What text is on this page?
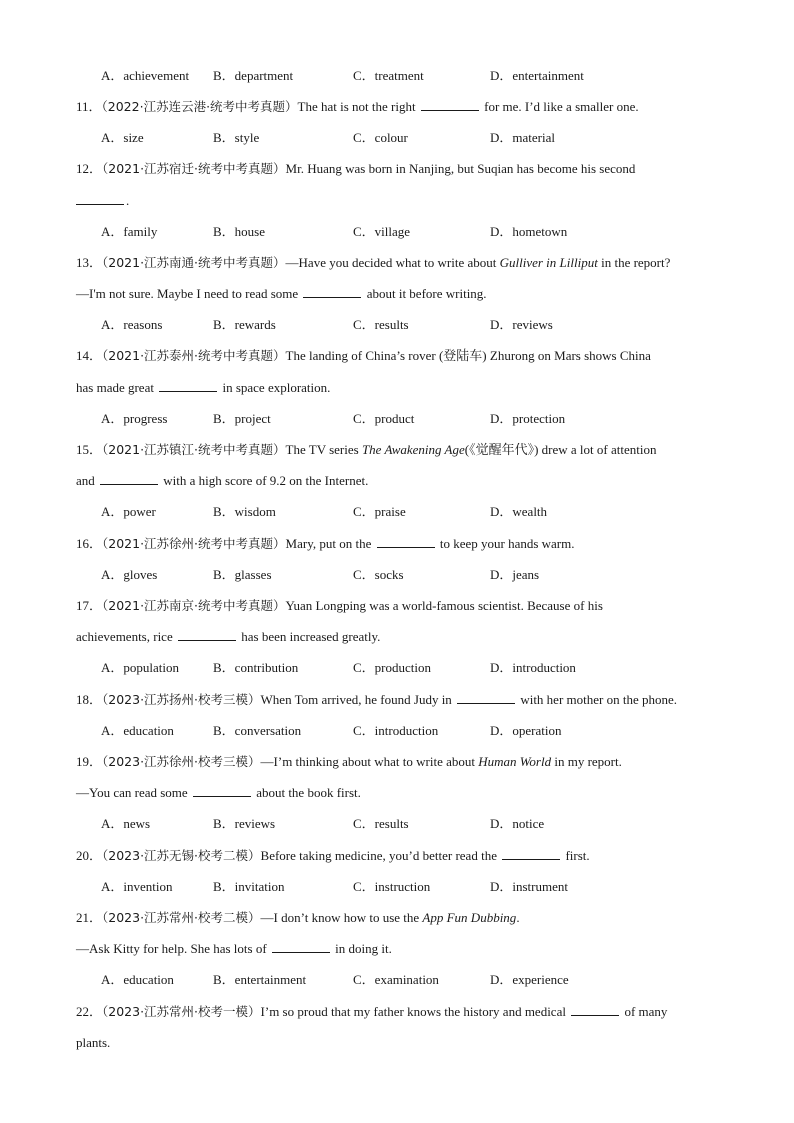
A．achievement B．department	C．treatment	D．entertainment
11．（2022·江苏连云港·统考中考真题）The hat is not the right	for me. I’d like a smaller one.
A．size	B．style	C．colour	D．material
12．（2021·江苏宿迁·统考中考真题）Mr. Huang was born in Nanjing, but Suqian has become his second
.
A．family	B．house	C．village	D．hometown
13．（2021·江苏南通·统考中考真题）—Have you decided what to write about Gulliver in Lilliput in the report?
—I'm not sure. Maybe I need to read some	about it before writing.
A．reasons	B．rewards	C．results	D．reviews
14．（2021·江苏泰州·统考中考真题）The landing of China’s rover (登陆车) Zhurong on Mars shows China
has made great	in space exploration.
A．progress	B．project	C．product	D．protection
15．（2021·江苏镇江·统考中考真题）The TV series The Awakening Age(《觉醒年代》) drew a lot of attention
and	with a high score of 9.2 on the Internet.
A．power	B．wisdom	C．praise	D．wealth
16．（2021·江苏徐州·统考中考真题）Mary, put on the	to keep your hands warm.
A．gloves	B．glasses	C．socks	D．jeans
17．（2021·江苏南京·统考中考真题）Yuan Longping was a world-famous scientist. Because of his
achievements, rice	has been increased greatly.
A．population	B．contribution	C．production	D．introduction
18．（2023·江苏扬州·校考三模）When Tom arrived, he found Judy in	with her mother on the phone.
A．education	B．conversation	C．introduction	D．operation
19．（2023·江苏徐州·校考三模）—I’m thinking about what to write about Human World in my report.
—You can read some	about the book first.
A．news	B．reviews	C．results	D．notice
20．（2023·江苏无锡·校考二模）Before taking medicine, you’d better read the	first.
A．invention	B．invitation	C．instruction	D．instrument
21．（2023·江苏常州·校考二模）—I don’t know how to use the App Fun Dubbing.
—Ask Kitty for help. She has lots of	in doing it.
A．education	B．entertainment	C．examination	D．experience
22．（2023·江苏常州·校考一模）I’m so proud that my father knows the history and medical	of many
plants.
